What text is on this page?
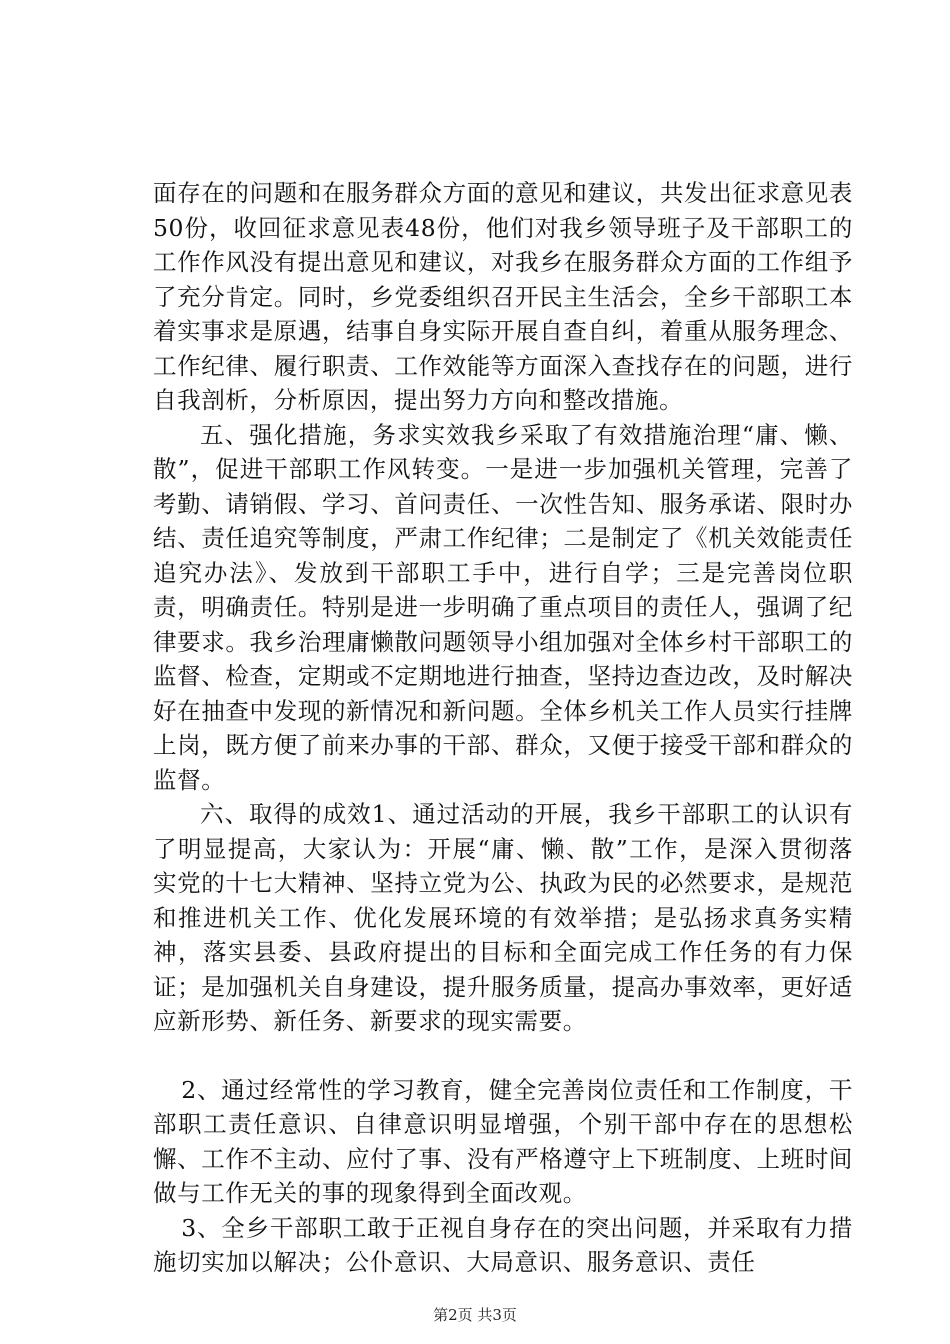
面存在的问题和在服务群众方面的意见和建议，共发出征求意见表50份，收回征求意见表48份，他们对我乡领导班子及干部职工的工作作风没有提出意见和建议，对我乡在服务群众方面的工作组予了充分肯定。同时，乡党委组织召开民主生活会，全乡干部职工本着实事求是原遇，结事自身实际开展自查自纠，着重从服务理念、工作纪律、履行职责、工作效能等方面深入查找存在的问题，进行自我剖析，分析原因，提出努力方向和整改措施。

五、强化措施，务求实效我乡采取了有效措施治理“庸、懒、散”，促进干部职工作风转变。一是进一步加强机关管理，完善了考勤、请销假、学习、首问责任、一次性告知、服务承诺、限时办结、责任追究等制度，严肃工作纪律；二是制定了《机关效能责任追究办法》、发放到干部职工手中，进行自学；三是完善岗位职责，明确责任。特别是进一步明确了重点项目的责任人，强调了纪律要求。我乡治理庸懒散问题领导小组加强对全体乡村干部职工的监督、检查，定期或不定期地进行抽查，坚持边查边改，及时解决好在抽查中发现的新情况和新问题。全体乡机关工作人员实行挂牌上岗，既方便了前来办事的干部、群众，又便于接受干部和群众的监督。

六、取得的成效1、通过活动的开展，我乡干部职工的认识有了明显提高，大家认为：开展“庸、懒、散”工作，是深入贯彻落实党的十七大精神、坚持立党为公、执政为民的必然要求，是规范和推进机关工作、优化发展环境的有效举措；是弘扬求真务实精神，落实县委、县政府提出的目标和全面完成工作任务的有力保证；是加强机关自身建设，提升服务质量，提高办事效率，更好适应新形势、新任务、新要求的现实需要。

2、通过经常性的学习教育，健全完善岗位责任和工作制度，干部职工责任意识、自律意识明显增强，个别干部中存在的思想松懈、工作不主动、应付了事、没有严格遵守上下班制度、上班时间做与工作无关的事的现象得到全面改观。

3、全乡干部职工敢于正视自身存在的突出问题，并采取有力措施切实加以解决；公仆意识、大局意识、服务意识、责任

第2页 共3页
